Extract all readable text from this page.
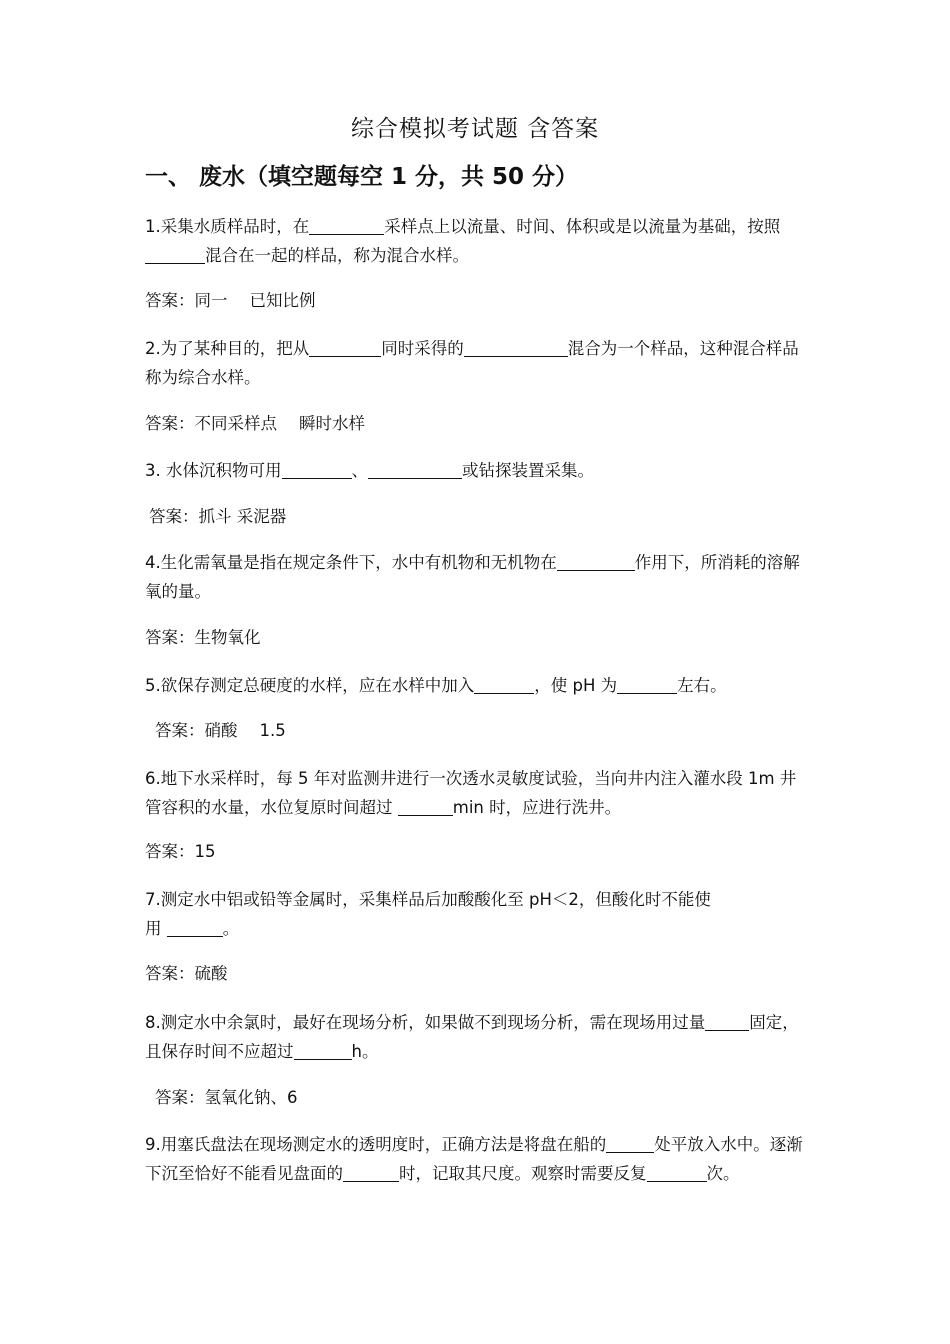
综合模拟考试题 含答案
一、 废水（填空题每空 1 分，共 50 分）
1.采集水质样品时，在	采样点上以流量、时间、体积或是以流量为基础，按照混合在一起的样品，称为混合水样。
答案：同一 已知比例
2.为了某种目的，把从	同时采得的	混合为一个样品，这种混合样品称为综合水样。
答案：不同采样点 瞬时水样
3. 水体沉积物可用	、	或钻探装置采集。
答案：抓斗 采泥器
4.生化需氧量是指在规定条件下，水中有机物和无机物在	作用下，所消耗的溶解氧的量。
答案：生物氧化
5.欲保存测定总硬度的水样，应在水样中加入	，使 pH 为	左右。
答案：硝酸 1.5
6.地下水采样时，每 5 年对监测井进行一次透水灵敏度试验，当向井内注入灌水段 1m 井管容积的水量，水位复原时间超过	min 时，应进行洗井。
答案：15
7.测定水中铝或铅等金属时，采集样品后加酸酸化至 pH＜2，但酸化时不能使
用	。
答案：硫酸
8.测定水中余氯时，最好在现场分析，如果做不到现场分析，需在现场用过量	固定，且保存时间不应超过	h。
答案：氢氧化钠、6
9.用塞氏盘法在现场测定水的透明度时，正确方法是将盘在船的	处平放入水中。逐渐下沉至恰好不能看见盘面的	时，记取其尺度。观察时需要反复	次。
